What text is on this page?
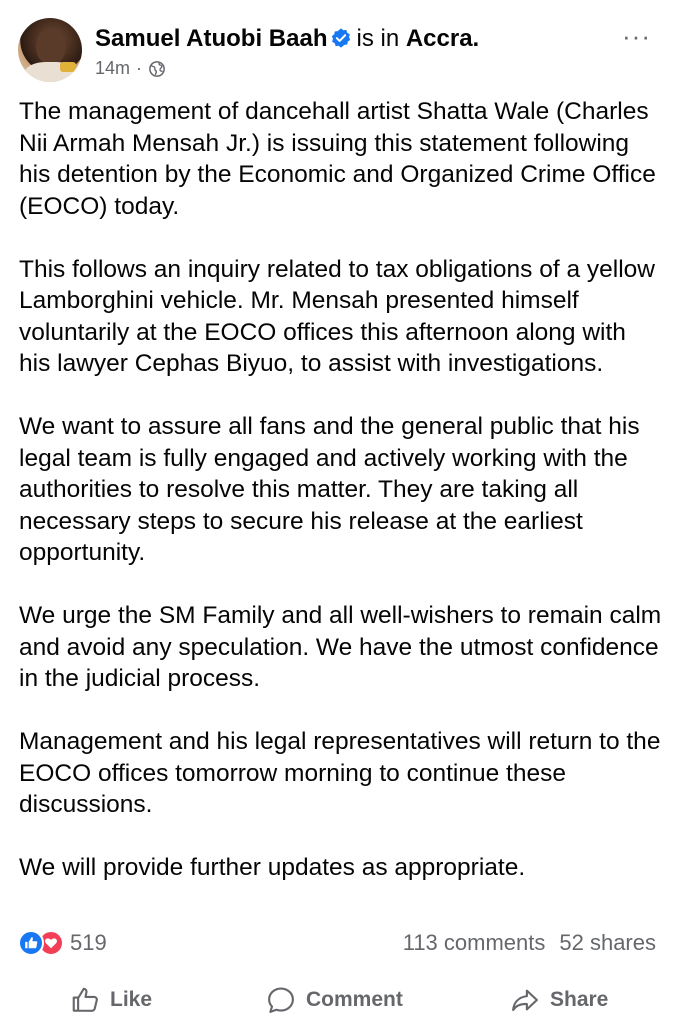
Samuel Atuobi Baah is in Accra.
14m ·
···

The management of dancehall artist Shatta Wale (Charles Nii Armah Mensah Jr.) is issuing this statement following his detention by the Economic and Organized Crime Office (EOCO) today.

This follows an inquiry related to tax obligations of a yellow Lamborghini vehicle. Mr. Mensah presented himself voluntarily at the EOCO offices this afternoon along with his lawyer Cephas Biyuo, to assist with investigations.

We want to assure all fans and the general public that his legal team is fully engaged and actively working with the authorities to resolve this matter. They are taking all necessary steps to secure his release at the earliest opportunity.

We urge the SM Family and all well-wishers to remain calm and avoid any speculation. We have the utmost confidence in the judicial process.

Management and his legal representatives will return to the EOCO offices tomorrow morning to continue these discussions.

We will provide further updates as appropriate.

519	113 comments 52 shares
Like	Comment	Share
